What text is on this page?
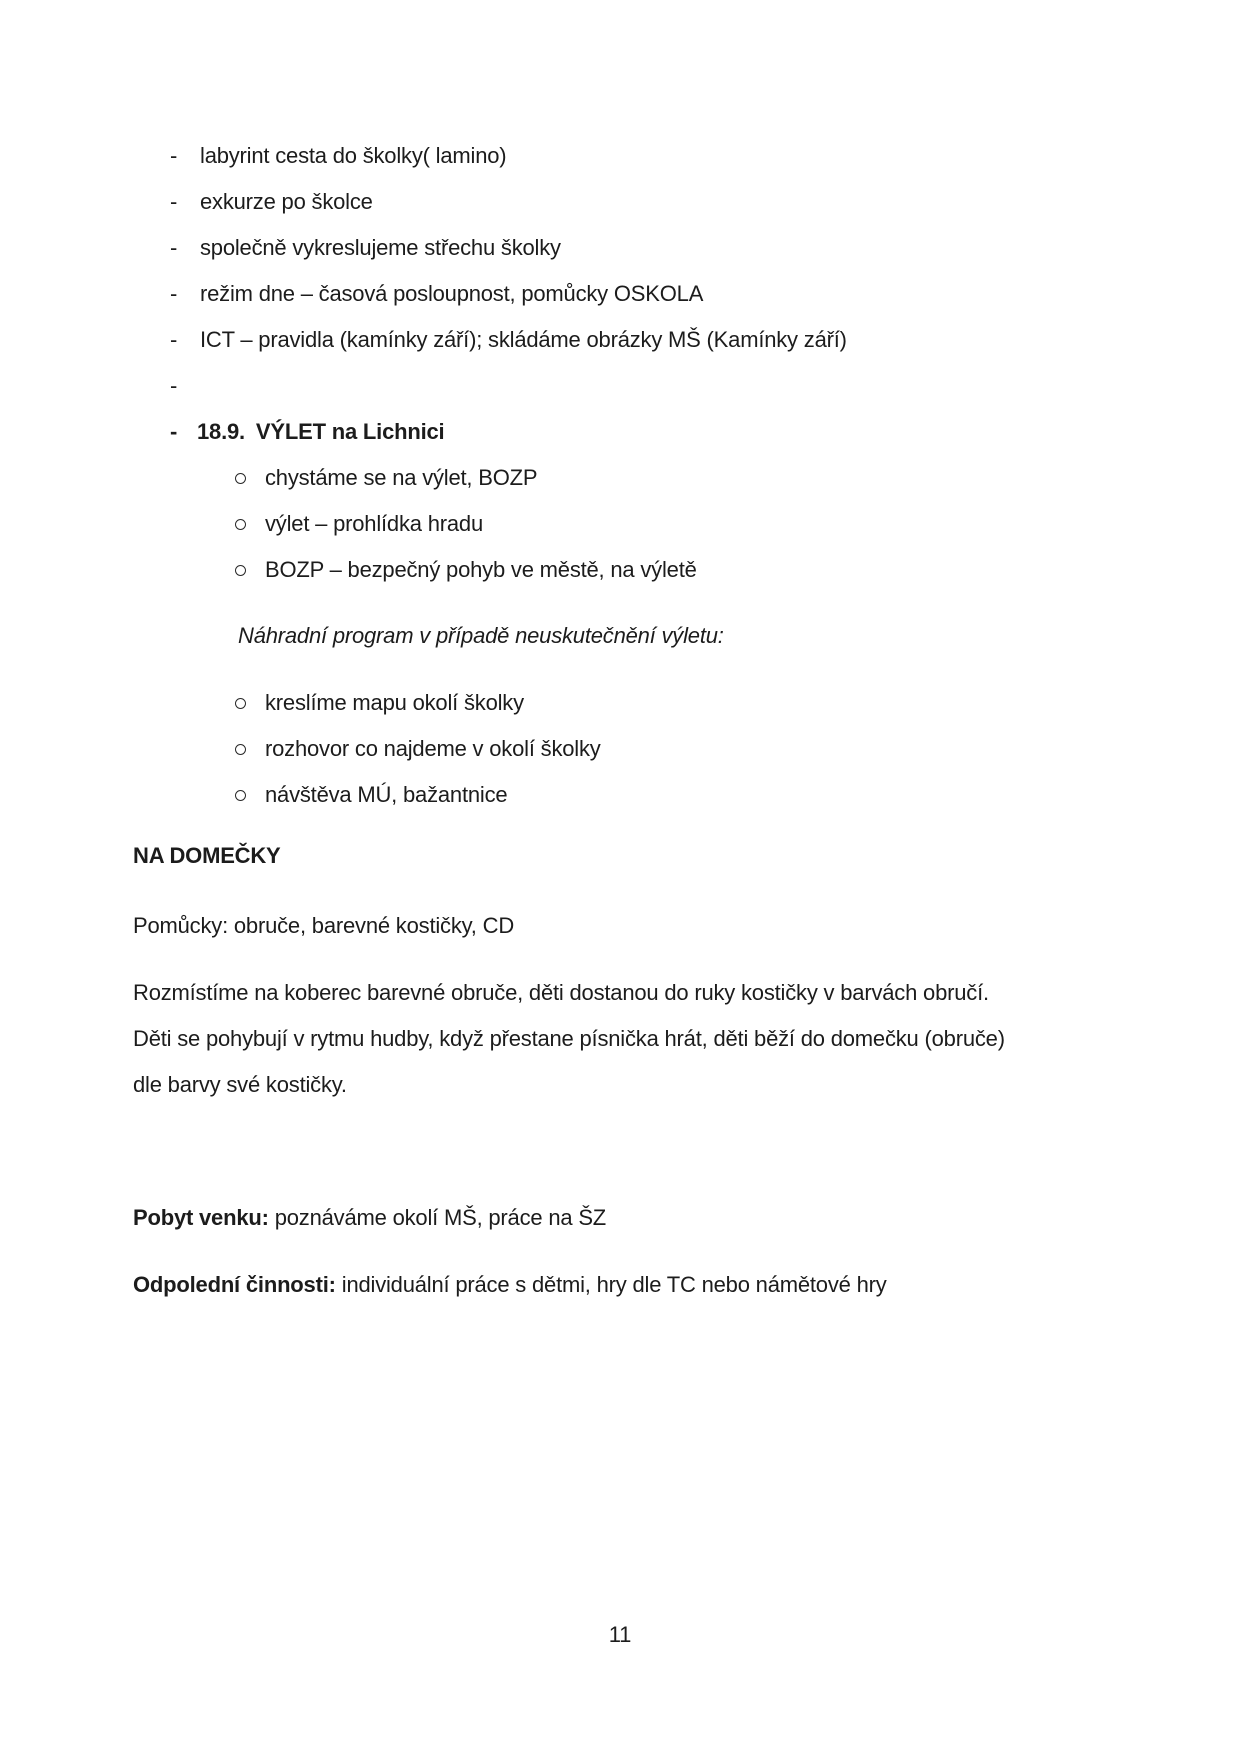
- labyrint cesta do školky( lamino)
- exkurze po školce
- společně vykreslujeme střechu školky
- režim dne – časová posloupnost, pomůcky OSKOLA
- ICT – pravidla (kamínky září); skládáme obrázky MŠ (Kamínky září)
-
- 18.9. VÝLET na Lichnici
chystáme se na výlet, BOZP
výlet – prohlídka hradu
BOZP – bezpečný pohyb ve městě, na výletě

Náhradní program v případě neuskutečnění výletu:

kreslíme mapu okolí školky
rozhovor co najdeme v okolí školky
návštěva MÚ, bažantnice
NA DOMEČKY

Pomůcky: obruče, barevné kostičky, CD

Rozmístíme na koberec barevné obruče, děti dostanou do ruky kostičky v barvách obručí.
Děti se pohybují v rytmu hudby, když přestane písnička hrát, děti běží do domečku (obruče)
dle barvy své kostičky.

Pobyt venku: poznáváme okolí MŠ, práce na ŠZ

Odpolední činnosti: individuální práce s dětmi, hry dle TC nebo námětové hry

11
